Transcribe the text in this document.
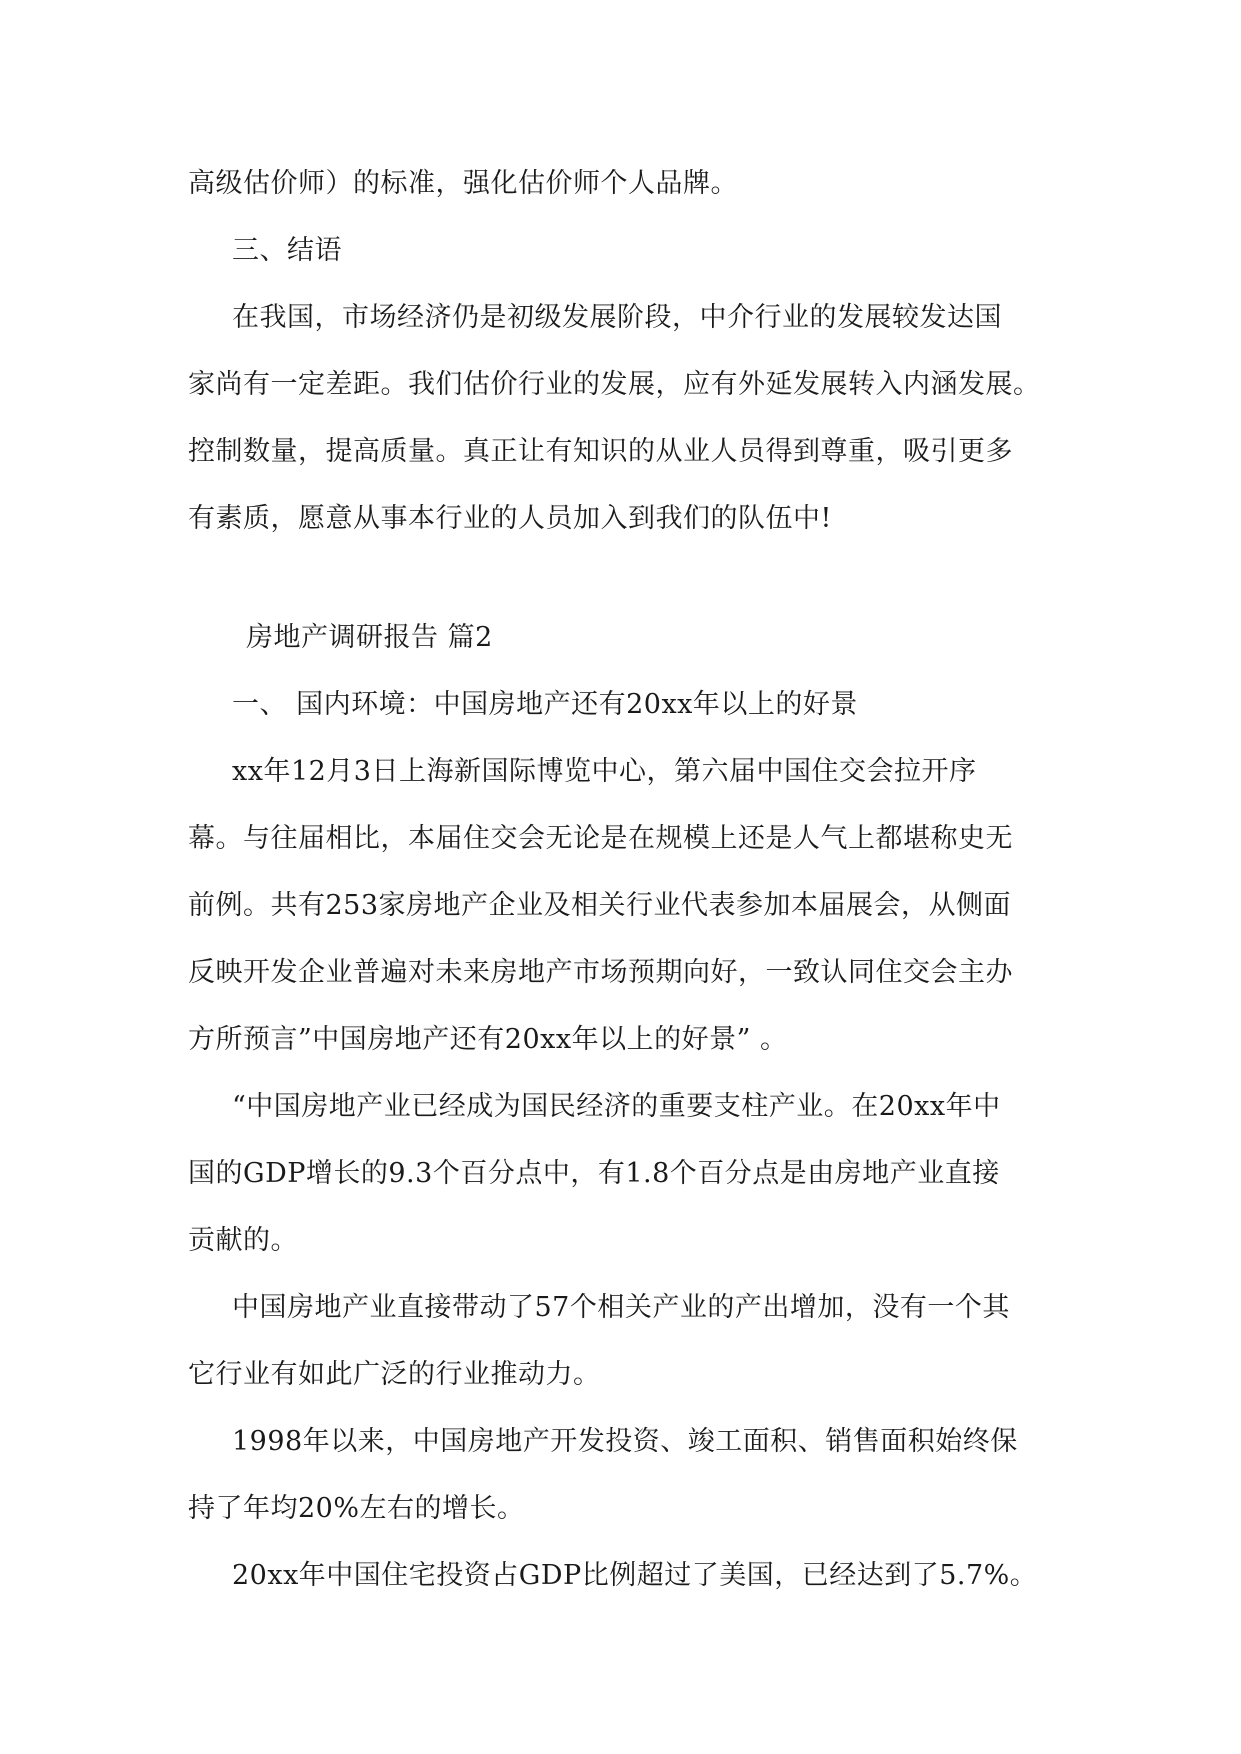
高级估价师）的标准，强化估价师个人品牌。
三、结语
在我国，市场经济仍是初级发展阶段，中介行业的发展较发达国
家尚有一定差距。我们估价行业的发展，应有外延发展转入内涵发展。
控制数量，提高质量。真正让有知识的从业人员得到尊重，吸引更多
有素质，愿意从事本行业的人员加入到我们的队伍中!
房地产调研报告 篇2
一、 国内环境：中国房地产还有20xx年以上的好景
xx年12月3日上海新国际博览中心，第六届中国住交会拉开序
幕。与往届相比，本届住交会无论是在规模上还是人气上都堪称史无
前例。共有253家房地产企业及相关行业代表参加本届展会，从侧面
反映开发企业普遍对未来房地产市场预期向好，一致认同住交会主办
方所预言”中国房地产还有20xx年以上的好景” 。
“中国房地产业已经成为国民经济的重要支柱产业。在20xx年中
国的GDP增长的9.3个百分点中，有1.8个百分点是由房地产业直接
贡献的。
中国房地产业直接带动了57个相关产业的产出增加，没有一个其
它行业有如此广泛的行业推动力。
1998年以来，中国房地产开发投资、竣工面积、销售面积始终保
持了年均20%左右的增长。
20xx年中国住宅投资占GDP比例超过了美国，已经达到了5.7%。
